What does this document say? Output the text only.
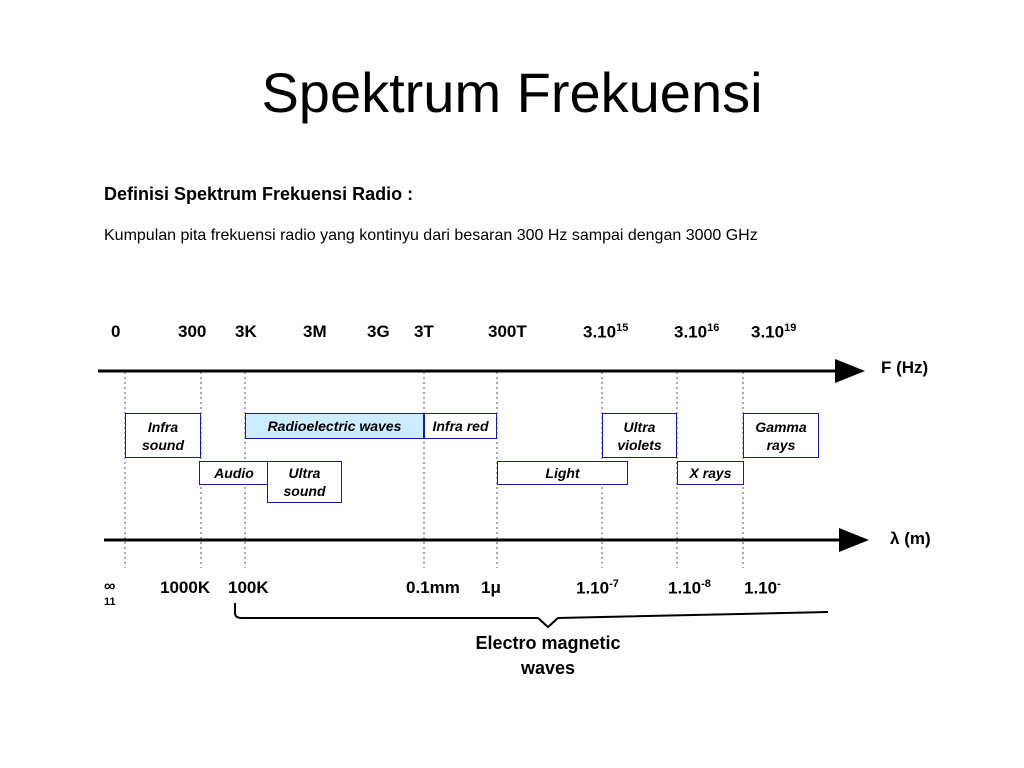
Spektrum Frekuensi
Definisi Spektrum Frekuensi Radio :
Kumpulan pita frekuensi radio yang kontinyu dari besaran 300 Hz sampai dengan 3000 GHz
0	300 3K	3M 3G 3T	300T	3.10$^{15}$	3.10$^{16}$ 3.10$^{19}$
F (Hz)
Infra sound
Radioelectric waves	Infra red	Ultra violets
Gamma rays
Audio	Ultra sound
Light	X rays
λ (m)
∞
11
1000K 100K	0.1mm 1μ	$1.10^{-7}$	$1.10^{-8}$ 1.10-
Electro magnetic waves
